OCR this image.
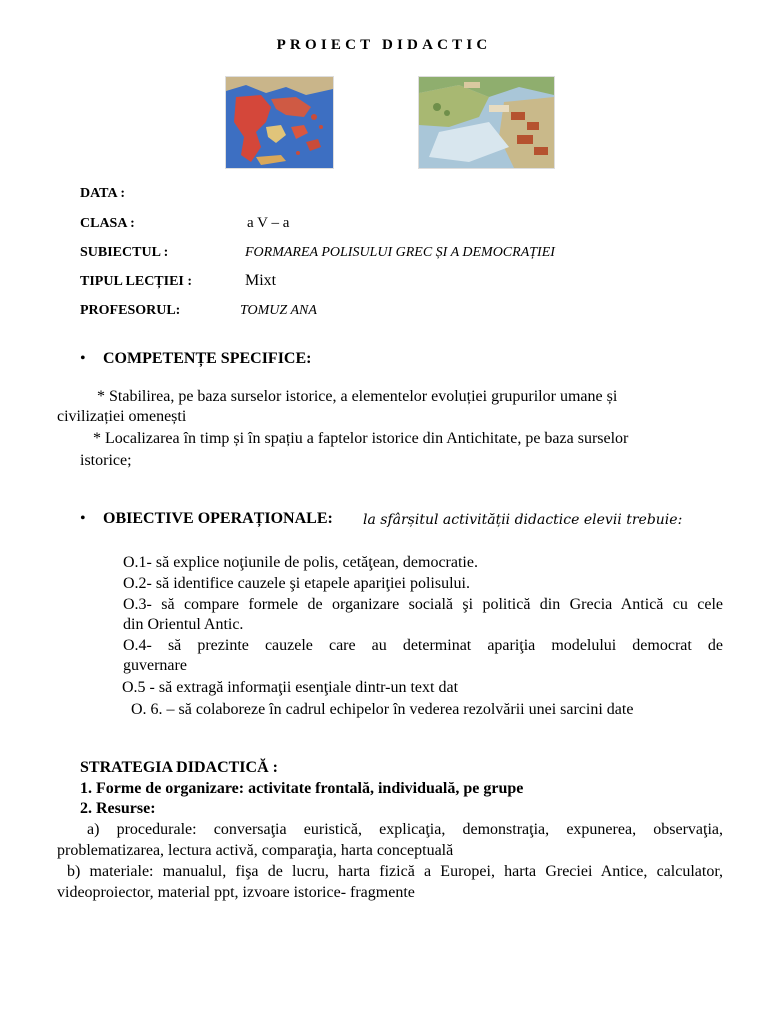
PROIECT DIDACTIC
DATA :
CLASA :	a V – a
SUBIECTUL :	FORMAREA POLISULUI GREC ȘI A DEMOCRAȚIEI
TIPUL LECȚIEI :	Mixt
PROFESORUL:	TOMUZ ANA
• COMPETENȚE SPECIFICE:
* Stabilirea, pe baza surselor istorice, a elementelor evoluției grupurilor umane și
civilizației omenești
* Localizarea în timp și în spațiu a faptelor istorice din Antichitate, pe baza surselor
istorice;
• OBIECTIVE OPERAȚIONALE: la sfârșitul activității didactice elevii trebuie:
O.1- să explice noţiunile de polis, cetăţean, democratie.
O.2- să identifice cauzele şi etapele apariţiei polisului.
O.3- să compare formele de organizare socială şi politică din Grecia Antică cu cele
din Orientul Antic.
O.4- să prezinte cauzele care au determinat apariţia modelului democrat de
guvernare
O.5 - să extragă informaţii esenţiale dintr-un text dat
O. 6. – să colaboreze în cadrul echipelor în vederea rezolvării unei sarcini date
STRATEGIA DIDACTICĂ :
1. Forme de organizare: activitate frontală, individuală, pe grupe
2. Resurse:
a) procedurale: conversaţia euristică, explicaţia, demonstraţia, expunerea, observaţia,
problematizarea, lectura activă, comparaţia, harta conceptuală
b) materiale: manualul, fişa de lucru, harta fizică a Europei, harta Greciei Antice, calculator,
videoproiector, material ppt, izvoare istorice- fragmente
